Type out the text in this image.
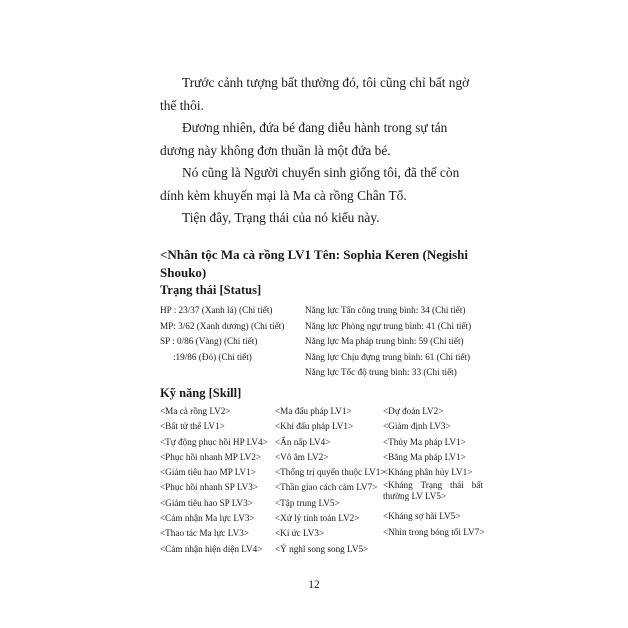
Trước cảnh tượng bất thường đó, tôi cũng chỉ bất ngờ thế thôi.

Đương nhiên, đứa bé đang diễu hành trong sự tán dương này không đơn thuần là một đứa bé.

Nó cũng là Người chuyển sinh giống tôi, đã thế còn dính kèm khuyến mại là Ma cà rồng Chân Tổ.

Tiện đây, Trạng thái của nó kiểu này.

<Nhân tộc Ma cà rồng LV1 Tên: Sophia Keren (Negishi Shouko)
Trạng thái [Status]
HP : 23/37 (Xanh lá) (Chi tiết)
MP: 3/62 (Xanh dương) (Chi tiết)
SP : 0/86 (Vàng) (Chi tiết)
:19/86 (Đỏ) (Chi tiết)
Năng lực Tấn công trung bình: 34 (Chi tiết)
Năng lực Phòng ngự trung bình: 41 (Chi tiết)
Năng lực Ma pháp trung bình: 59 (Chi tiết)
Năng lực Chịu đựng trung bình: 61 (Chi tiết)
Năng lực Tốc độ trung bình: 33 (Chi tiết)
Kỹ năng [Skill]
<Ma cà rồng LV2>
<Bất tử thể LV1>
<Tự động phục hồi HP LV4>
<Phục hồi nhanh MP LV2>
<Giảm tiêu hao MP LV1>
<Phục hồi nhanh SP LV3>
<Giảm tiêu hao SP LV3>
<Cảm nhận Ma lực LV3>
<Thao tác Ma lực LV3>
<Cảm nhận hiện diện LV4>
<Ma đấu pháp LV1>
<Khí đấu pháp LV1>
<Ẩn nấp LV4>
<Vô âm LV2>
<Thống trị quyến thuộc LV1>
<Thần giao cách cảm LV7>
<Tập trung LV5>
<Xử lý tính toán LV2>
<Kí ức LV3>
<Ý nghĩ song song LV5>
<Dự đoán LV2>
<Giảm định LV3>
<Thủy Ma pháp LV1>
<Băng Ma pháp LV1>
<Kháng phân hủy LV1>
<Kháng Trạng thái bất thường LV LV5>
<Kháng sợ hãi LV5>
<Nhìn trong bóng tối LV7>
12
